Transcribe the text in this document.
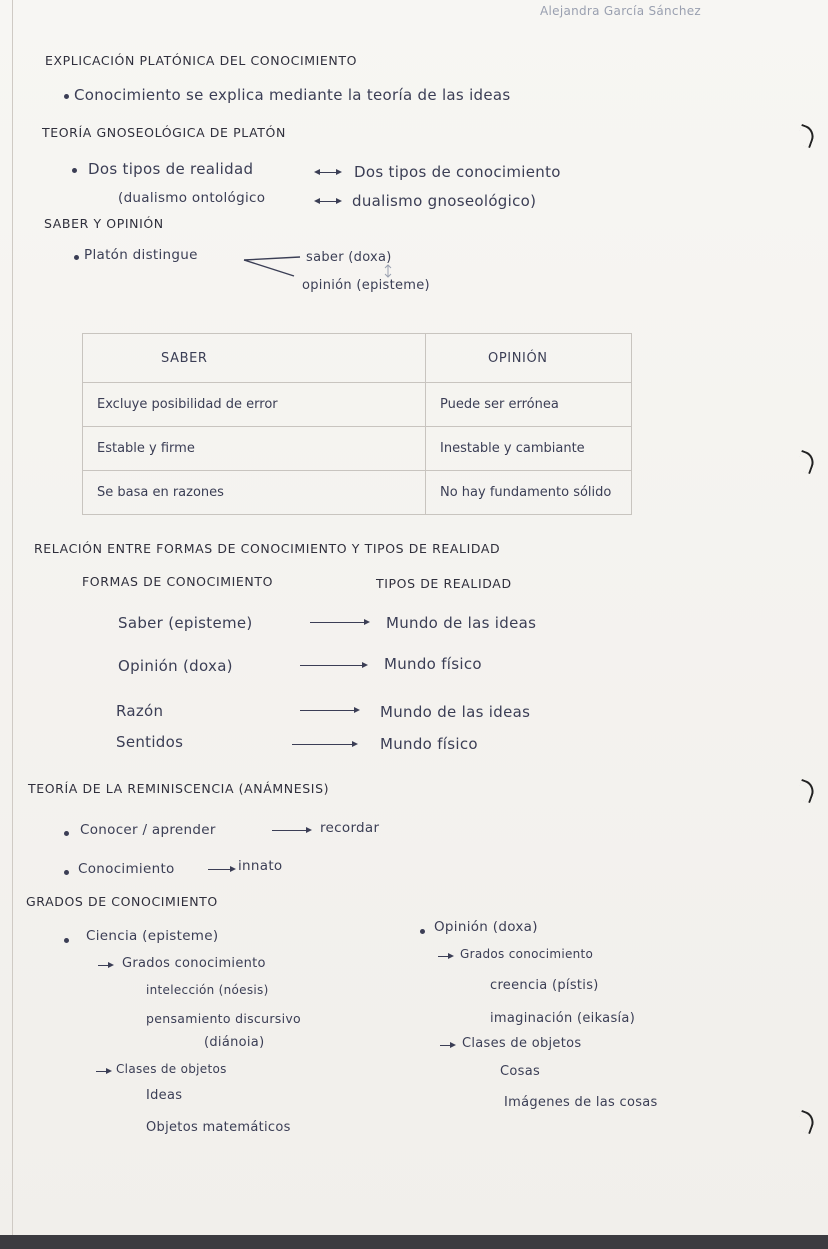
Alejandra García Sánchez
EXPLICACIÓN PLATÓNICA DEL CONOCIMIENTO
Conocimiento se explica mediante la teoría de las ideas
TEORÍA GNOSEOLÓGICA DE PLATÓN
Dos tipos de realidad	Dos tipos de conocimiento
(dualismo ontológico	dualismo gnoseológico)
SABER Y OPINIÓN
Platón distingue	saber (doxa)
opinión (episteme)
SABER	OPINIÓN
Excluye posibilidad de error	Puede ser errónea
Estable y firme	Inestable y cambiante
Se basa en razones	No hay fundamento sólido
RELACIÓN ENTRE FORMAS DE CONOCIMIENTO Y TIPOS DE REALIDAD
FORMAS DE CONOCIMIENTO	TIPOS DE REALIDAD
Saber (episteme)	Mundo de las ideas
Opinión (doxa)	Mundo físico
Razón	Mundo de las ideas
Sentidos	Mundo físico
TEORÍA DE LA REMINISCENCIA (ANÁMNESIS)
Conocer / aprender	recordar
Conocimiento	innato
GRADOS DE CONOCIMIENTO
Ciencia (episteme)
Grados conocimiento
intelección (nóesis)
pensamiento discursivo
(diánoia)
Clases de objetos
Ideas
Objetos matemáticos
Opinión (doxa)
Grados conocimiento
creencia (pístis)
imaginación (eikasía)
Clases de objetos
Cosas
Imágenes de las cosas
